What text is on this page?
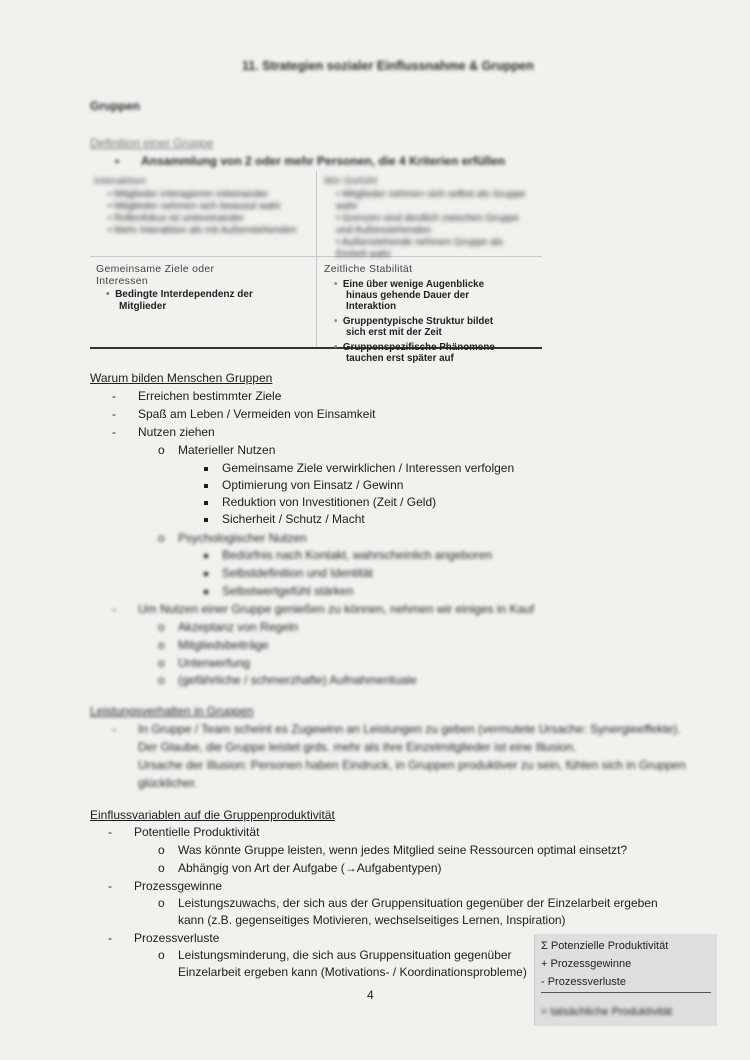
11. Strategien sozialer Einflussnahme & Gruppen
Gruppen
Definition einer Gruppe
▪ Ansammlung von 2 oder mehr Personen, die 4 Kriterien erfüllen
Interaktion
• Mitglieder interagieren miteinander
• Mitglieder nehmen sich bewusst wahr
• Rollenfokus ist untereinander
• Mehr Interaktion als mit Außenstehenden
Wir-Gefühl
• Mitglieder nehmen sich selbst als Gruppe wahr
• Grenzen sind deutlich zwischen Gruppe und Außenstehenden
• Außenstehende nehmen Gruppe als Einheit wahr
Gemeinsame Ziele oder
Interessen
• Bedingte Interdependenz der
Mitglieder
Zeitliche Stabilität
• Eine über wenige Augenblicke
hinaus gehende Dauer der
Interaktion
• Gruppentypische Struktur bildet
sich erst mit der Zeit
• Gruppenspezifische Phänomene
tauchen erst später auf
Warum bilden Menschen Gruppen
- Erreichen bestimmter Ziele
- Spaß am Leben / Vermeiden von Einsamkeit
- Nutzen ziehen
o Materieller Nutzen
Gemeinsame Ziele verwirklichen / Interessen verfolgen
Optimierung von Einsatz / Gewinn
Reduktion von Investitionen (Zeit / Geld)
Sicherheit / Schutz / Macht
o Psychologischer Nutzen
Bedürfnis nach Kontakt, wahrscheinlich angeboren
Selbstdefinition und Identität
Selbstwertgefühl stärken
- Um Nutzen einer Gruppe genießen zu können, nehmen wir einiges in Kauf
o Akzeptanz von Regeln
o Mitgliedsbeiträge
o Unterwerfung
o (gefährliche / schmerzhafte) Aufnahmerituale
Leistungsverhalten in Gruppen
- In Gruppe / Team scheint es Zugewinn an Leistungen zu geben (vermutete Ursache: Synergieeffekte).
Der Glaube, die Gruppe leistet grds. mehr als ihre Einzelmitglieder ist eine Illusion.
Ursache der Illusion: Personen haben Eindruck, in Gruppen produktiver zu sein, fühlen sich in Gruppen
glücklicher.
Einflussvariablen auf die Gruppenproduktivität
- Potentielle Produktivität
o Was könnte Gruppe leisten, wenn jedes Mitglied seine Ressourcen optimal einsetzt?
o Abhängig von Art der Aufgabe (→Aufgabentypen)
- Prozessgewinne
o Leistungszuwachs, der sich aus der Gruppensituation gegenüber der Einzelarbeit ergeben
kann (z.B. gegenseitiges Motivieren, wechselseitiges Lernen, Inspiration)
- Prozessverluste
o Leistungsminderung, die sich aus Gruppensituation gegenüber
Einzelarbeit ergeben kann (Motivations- / Koordinationsprobleme)
Σ Potenzielle Produktivität
+ Prozessgewinne
- Prozessverluste
= tatsächliche Produktivität
4
